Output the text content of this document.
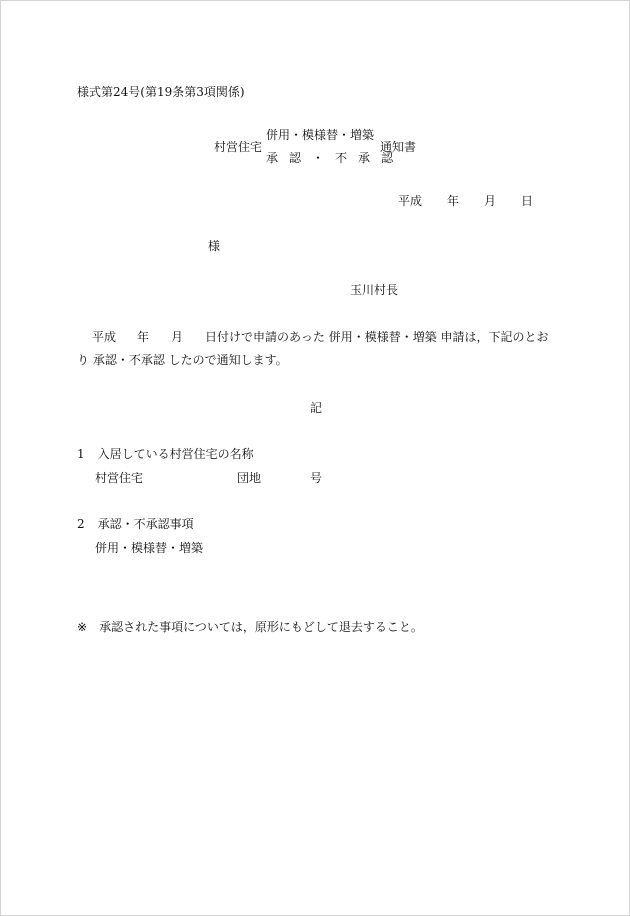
様式第24号(第19条第3項関係)
村営住宅
併用・模様替・増築
承 認 ・ 不 承 認
通知書
平成 年 月 日
様
玉川村長
平成 年 月 日付けで申請のあった 併用・模様替・増築 申請は，下記のとお
り 承認・不承認 したので通知します。
記
1 入居している村営住宅の名称
村営住宅	団地	号
2 承認・不承認事項
併用・模様替・増築
※ 承認された事項については，原形にもどして退去すること。
